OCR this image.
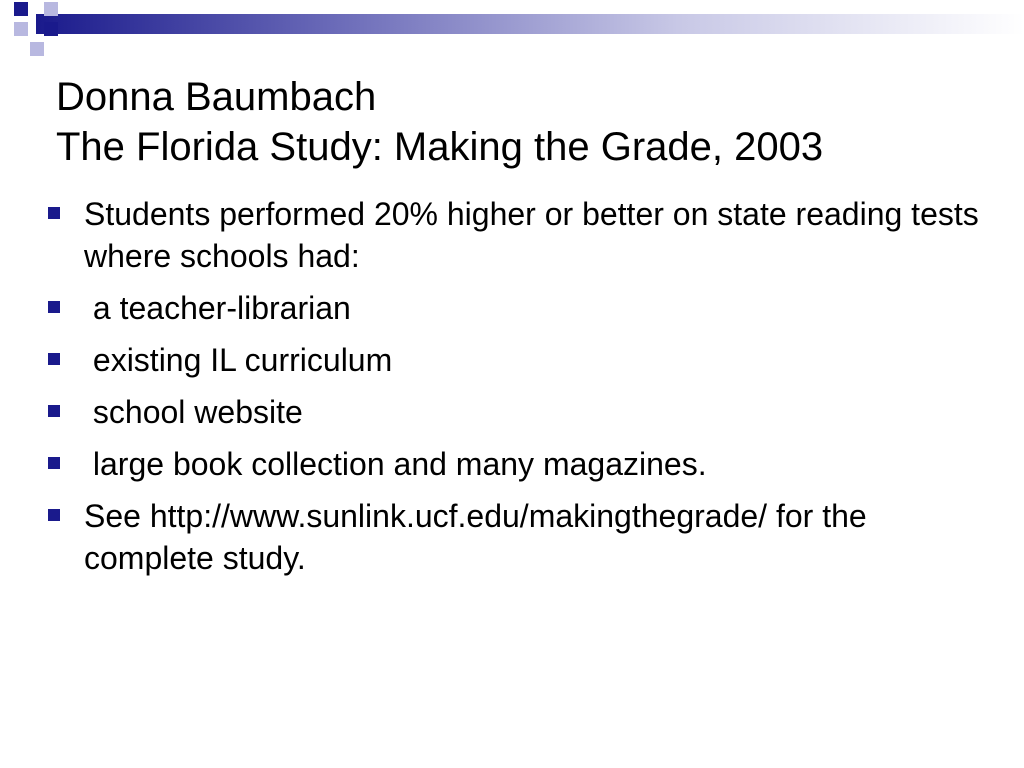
Donna Baumbach
The Florida Study: Making the Grade, 2003
Students performed 20% higher or better on state reading tests where schools had:
a teacher-librarian
existing IL curriculum
school website
large book collection and many magazines.
See http://www.sunlink.ucf.edu/makingthegrade/ for the complete study.
